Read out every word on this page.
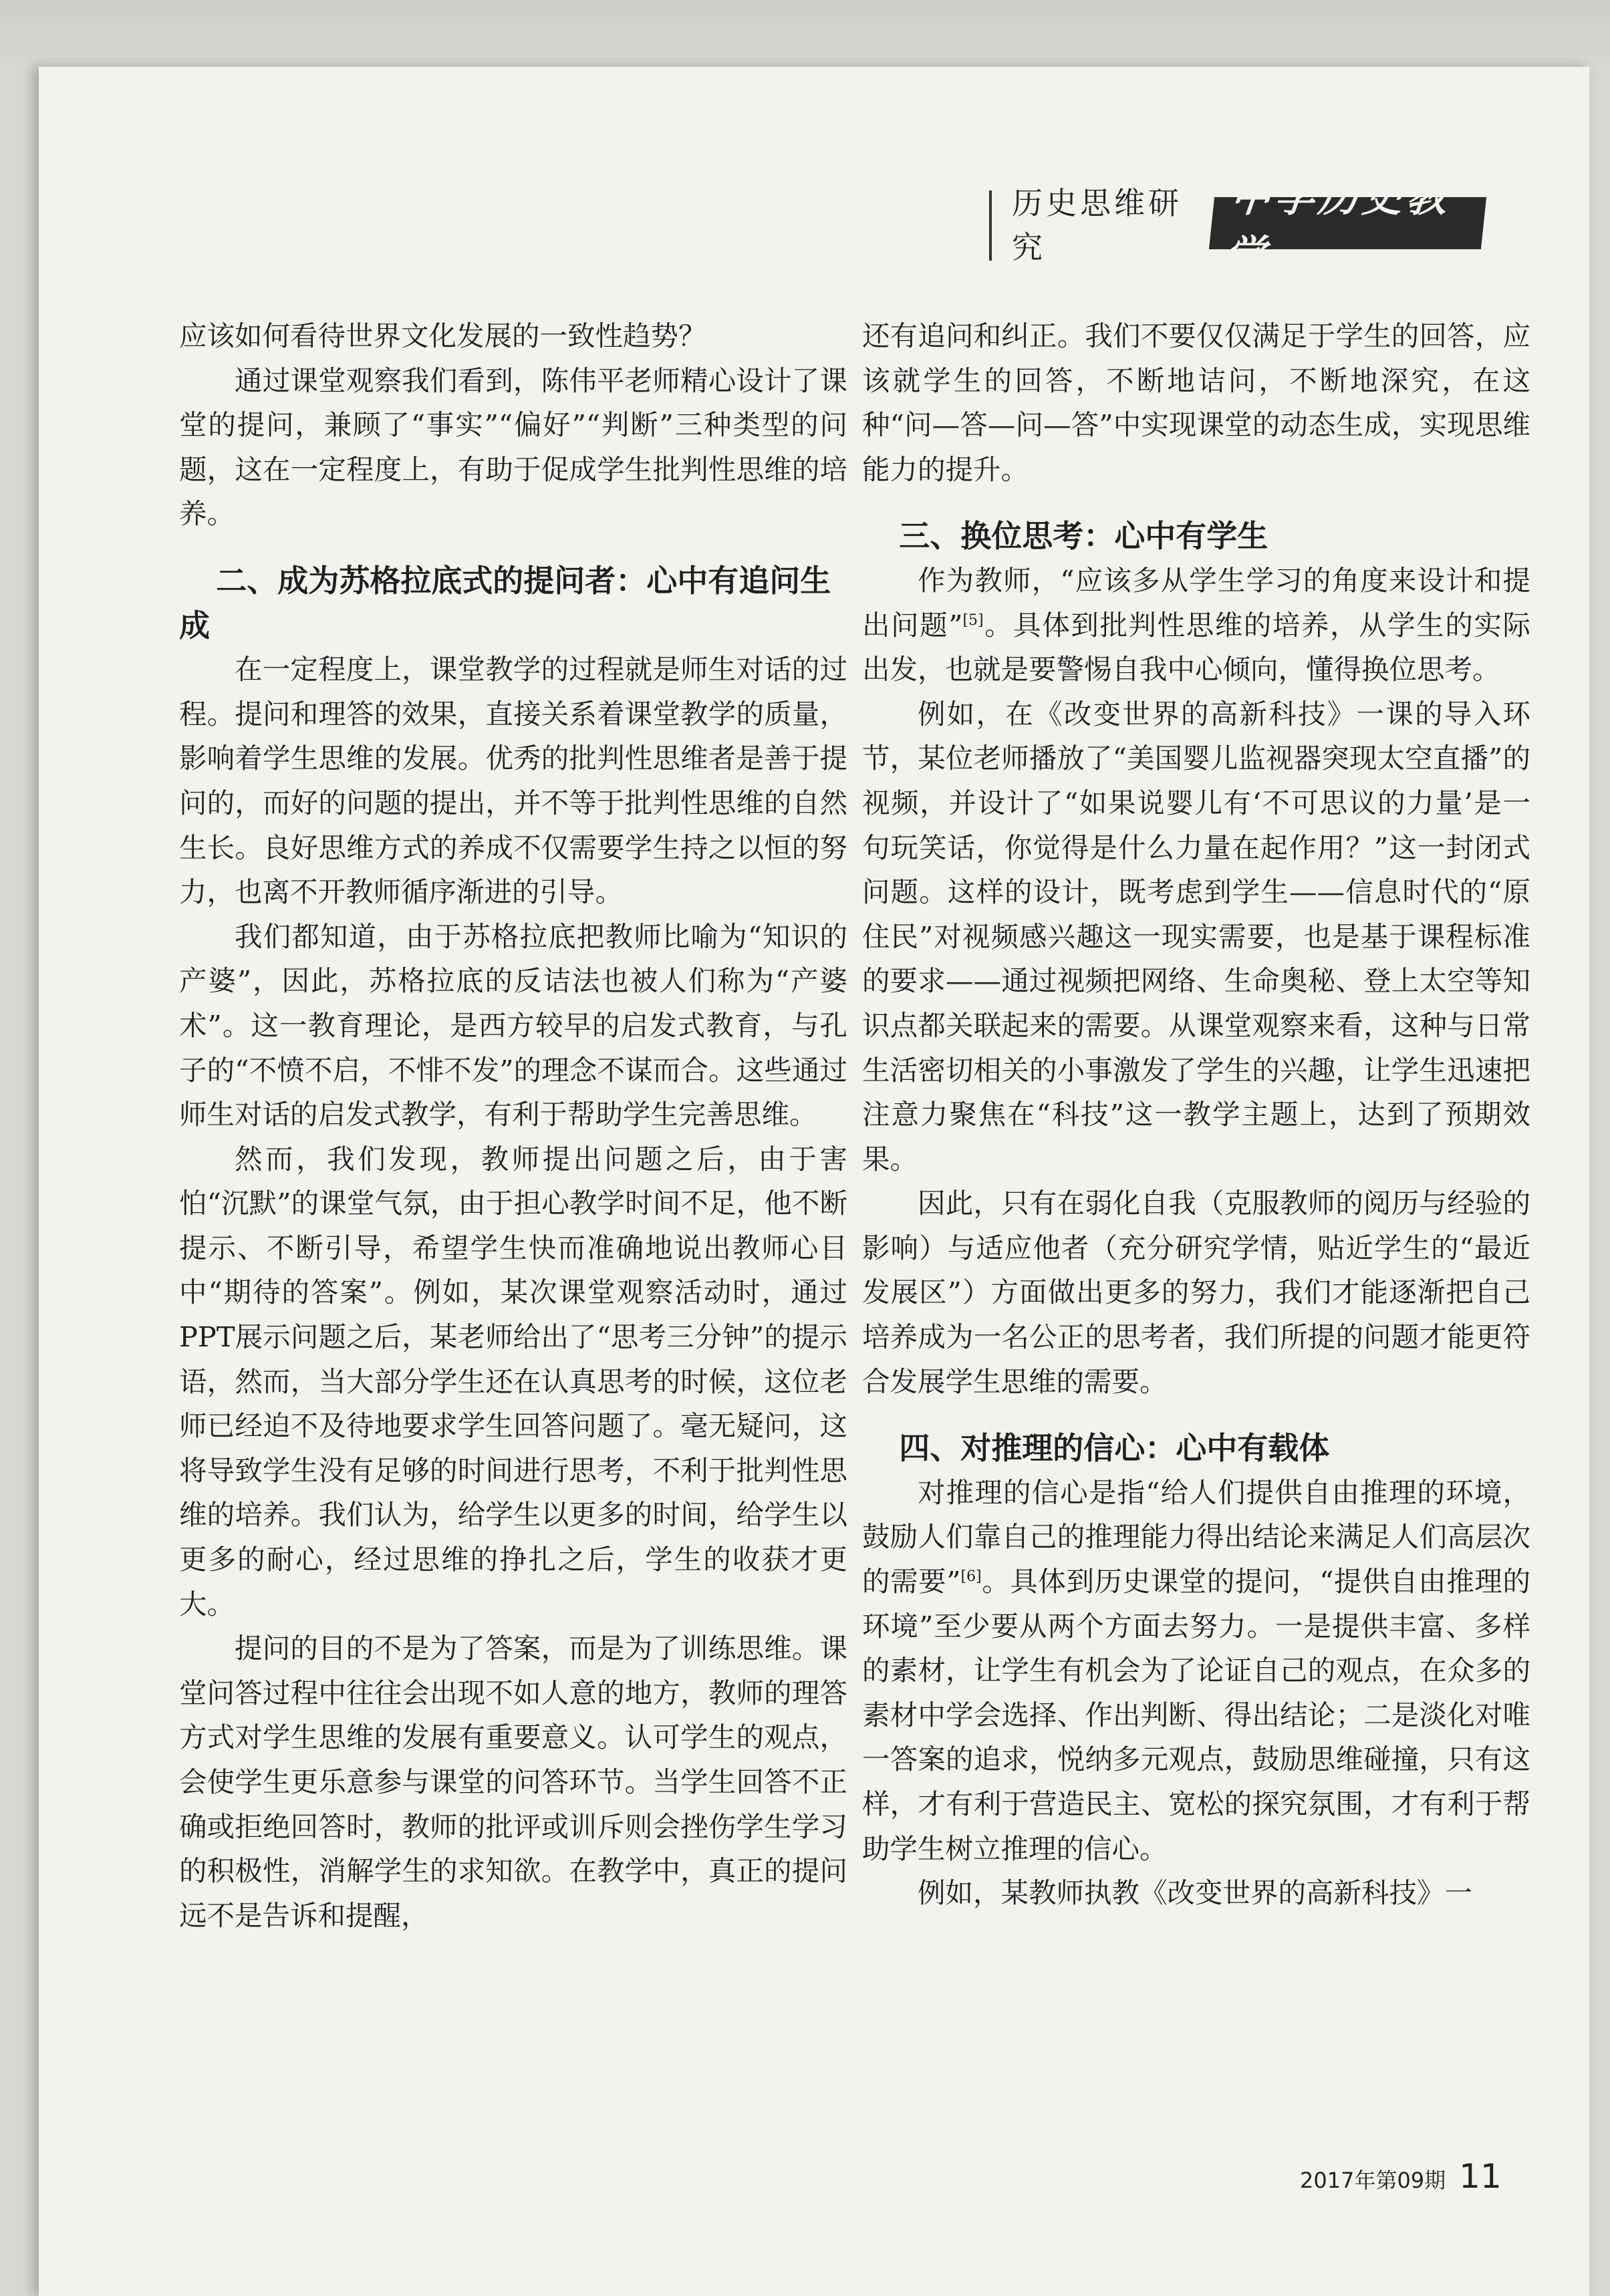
历史思维研究
中学历史教学

应该如何看待世界文化发展的一致性趋势？

通过课堂观察我们看到，陈伟平老师精心设计了课堂的提问，兼顾了“事实”“偏好”“判断”三种类型的问题，这在一定程度上，有助于促成学生批判性思维的培养。

二、成为苏格拉底式的提问者：心中有追问生成

在一定程度上，课堂教学的过程就是师生对话的过程。提问和理答的效果，直接关系着课堂教学的质量，影响着学生思维的发展。优秀的批判性思维者是善于提问的，而好的问题的提出，并不等于批判性思维的自然生长。良好思维方式的养成不仅需要学生持之以恒的努力，也离不开教师循序渐进的引导。

我们都知道，由于苏格拉底把教师比喻为“知识的产婆”，因此，苏格拉底的反诘法也被人们称为“产婆术”。这一教育理论，是西方较早的启发式教育，与孔子的“不愤不启，不悱不发”的理念不谋而合。这些通过师生对话的启发式教学，有利于帮助学生完善思维。

然而，我们发现，教师提出问题之后，由于害怕“沉默”的课堂气氛，由于担心教学时间不足，他不断提示、不断引导，希望学生快而准确地说出教师心目中“期待的答案”。例如，某次课堂观察活动时，通过PPT展示问题之后，某老师给出了“思考三分钟”的提示语，然而，当大部分学生还在认真思考的时候，这位老师已经迫不及待地要求学生回答问题了。毫无疑问，这将导致学生没有足够的时间进行思考，不利于批判性思维的培养。我们认为，给学生以更多的时间，给学生以更多的耐心，经过思维的挣扎之后，学生的收获才更大。

提问的目的不是为了答案，而是为了训练思维。课堂问答过程中往往会出现不如人意的地方，教师的理答方式对学生思维的发展有重要意义。认可学生的观点，会使学生更乐意参与课堂的问答环节。当学生回答不正确或拒绝回答时，教师的批评或训斥则会挫伤学生学习的积极性，消解学生的求知欲。在教学中，真正的提问远不是告诉和提醒，

还有追问和纠正。我们不要仅仅满足于学生的回答，应该就学生的回答，不断地诘问，不断地深究，在这种“问—答—问—答”中实现课堂的动态生成，实现思维能力的提升。

三、换位思考：心中有学生

作为教师，“应该多从学生学习的角度来设计和提出问题”[5]。具体到批判性思维的培养，从学生的实际出发，也就是要警惕自我中心倾向，懂得换位思考。

例如，在《改变世界的高新科技》一课的导入环节，某位老师播放了“美国婴儿监视器突现太空直播”的视频，并设计了“如果说婴儿有‘不可思议的力量’是一句玩笑话，你觉得是什么力量在起作用？”这一封闭式问题。这样的设计，既考虑到学生——信息时代的“原住民”对视频感兴趣这一现实需要，也是基于课程标准的要求——通过视频把网络、生命奥秘、登上太空等知识点都关联起来的需要。从课堂观察来看，这种与日常生活密切相关的小事激发了学生的兴趣，让学生迅速把注意力聚焦在“科技”这一教学主题上，达到了预期效果。

因此，只有在弱化自我（克服教师的阅历与经验的影响）与适应他者（充分研究学情，贴近学生的“最近发展区”）方面做出更多的努力，我们才能逐渐把自己培养成为一名公正的思考者，我们所提的问题才能更符合发展学生思维的需要。

四、对推理的信心：心中有载体

对推理的信心是指“给人们提供自由推理的环境，鼓励人们靠自己的推理能力得出结论来满足人们高层次的需要”[6]。具体到历史课堂的提问，“提供自由推理的环境”至少要从两个方面去努力。一是提供丰富、多样的素材，让学生有机会为了论证自己的观点，在众多的素材中学会选择、作出判断、得出结论；二是淡化对唯一答案的追求，悦纳多元观点，鼓励思维碰撞，只有这样，才有利于营造民主、宽松的探究氛围，才有利于帮助学生树立推理的信心。

例如，某教师执教《改变世界的高新科技》一

2017年第09期 11
